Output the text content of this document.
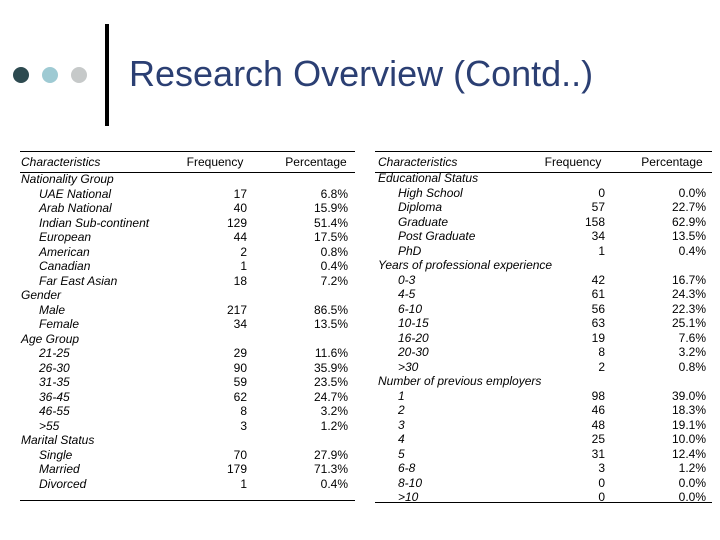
Research Overview (Contd..)
Characteristics	Frequency	Percentage
Nationality Group
UAE National	17	6.8%
Arab National	40	15.9%
Indian Sub-continent	129	51.4%
European	44	17.5%
American	2	0.8%
Canadian	1	0.4%
Far East Asian	18	7.2%
Gender
Male	217	86.5%
Female	34	13.5%
Age Group
21-25	29	11.6%
26-30	90	35.9%
31-35	59	23.5%
36-45	62	24.7%
46-55	8	3.2%
>55	3	1.2%
Marital Status
Single	70	27.9%
Married	179	71.3%
Divorced	1	0.4%
Characteristics	Frequency	Percentage
Educational Status
High School	0	0.0%
Diploma	57	22.7%
Graduate	158	62.9%
Post Graduate	34	13.5%
PhD	1	0.4%
Years of professional experience
0-3	42	16.7%
4-5	61	24.3%
6-10	56	22.3%
10-15	63	25.1%
16-20	19	7.6%
20-30	8	3.2%
>30	2	0.8%
Number of previous employers
1	98	39.0%
2	46	18.3%
3	48	19.1%
4	25	10.0%
5	31	12.4%
6-8	3	1.2%
8-10	0	0.0%
>10	0	0.0%
